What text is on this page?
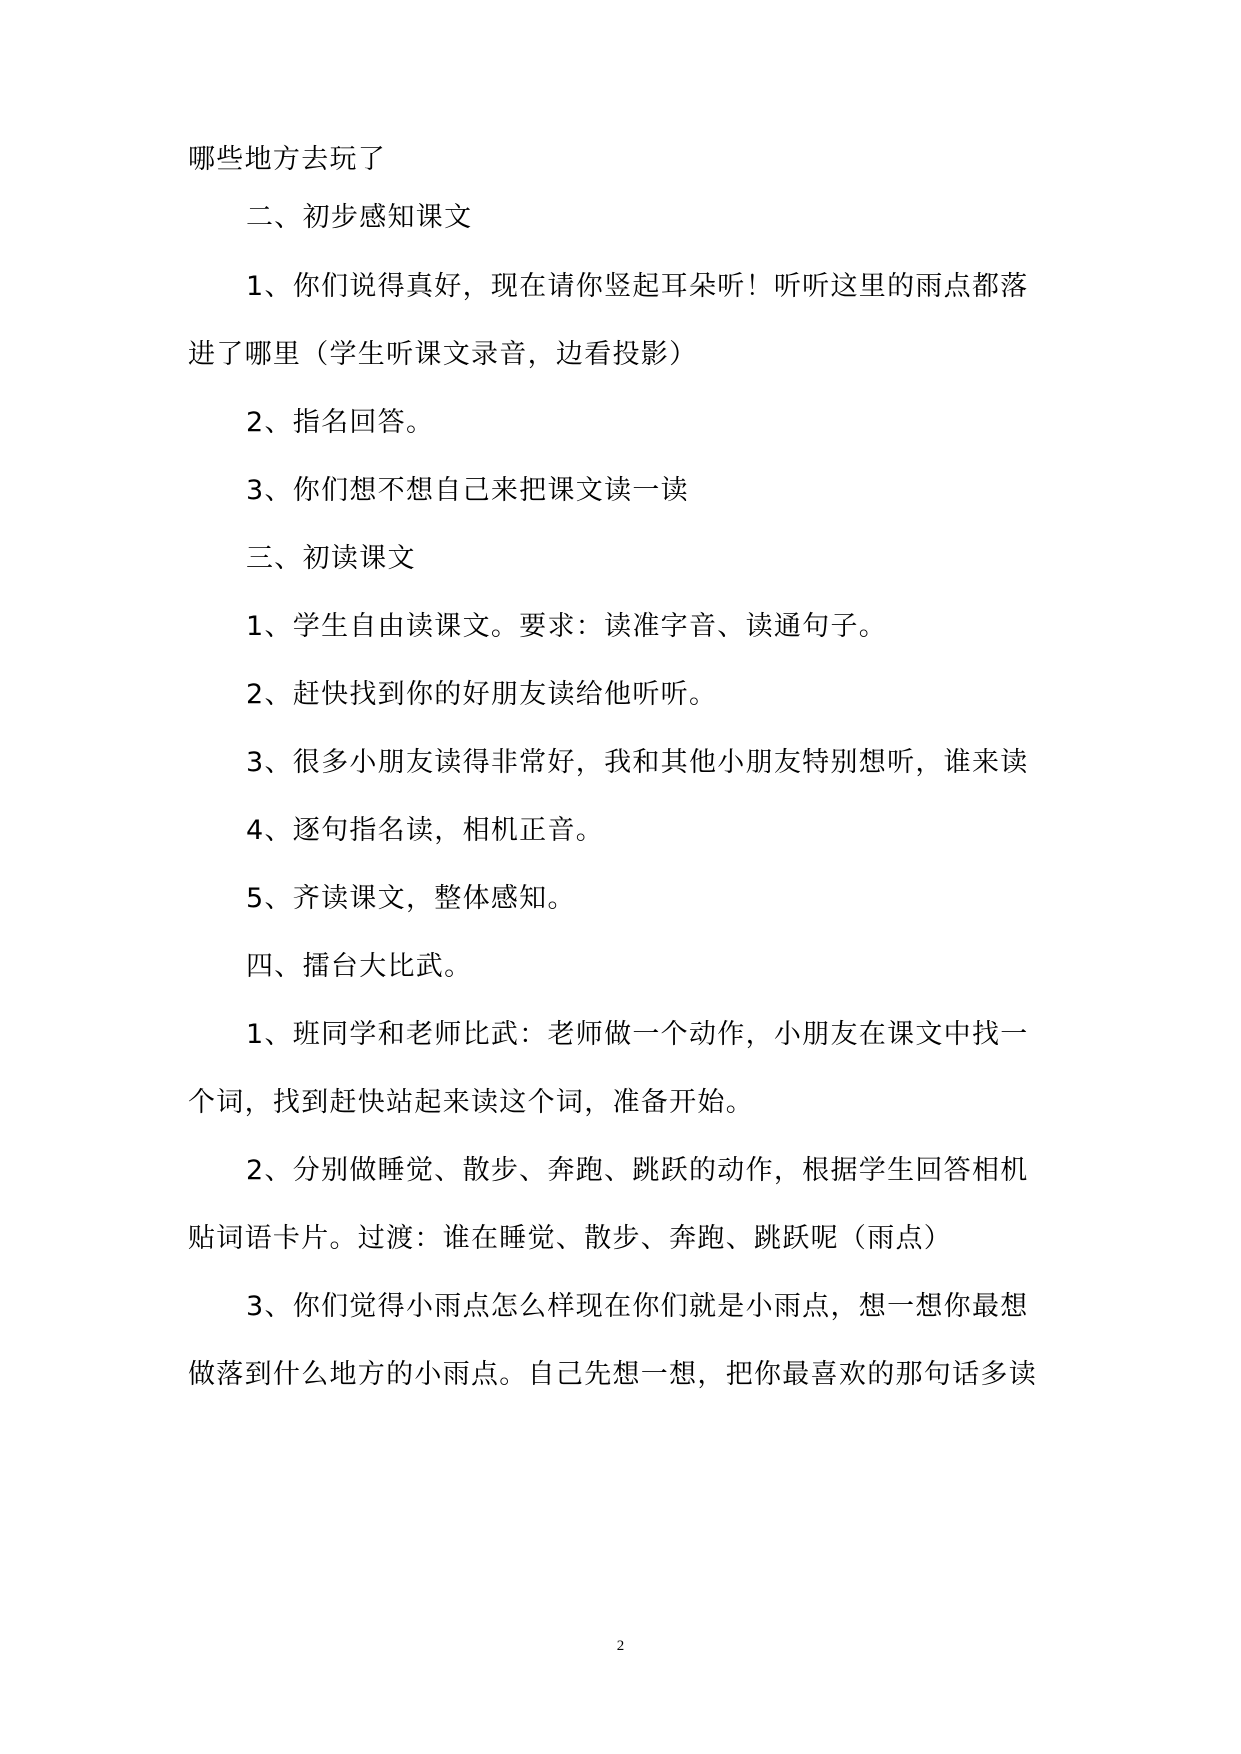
哪些地方去玩了
二、初步感知课文
1、你们说得真好，现在请你竖起耳朵听！听听这里的雨点都落
进了哪里（学生听课文录音，边看投影）
2、指名回答。
3、你们想不想自己来把课文读一读
三、初读课文
1、学生自由读课文。要求：读准字音、读通句子。
2、赶快找到你的好朋友读给他听听。
3、很多小朋友读得非常好，我和其他小朋友特别想听，谁来读
4、逐句指名读，相机正音。
5、齐读课文，整体感知。
四、擂台大比武。
1、班同学和老师比武：老师做一个动作，小朋友在课文中找一
个词，找到赶快站起来读这个词，准备开始。
2、分别做睡觉、散步、奔跑、跳跃的动作，根据学生回答相机
贴词语卡片。过渡：谁在睡觉、散步、奔跑、跳跃呢（雨点）
3、你们觉得小雨点怎么样现在你们就是小雨点，想一想你最想
做落到什么地方的小雨点。自己先想一想，把你最喜欢的那句话多读
2
